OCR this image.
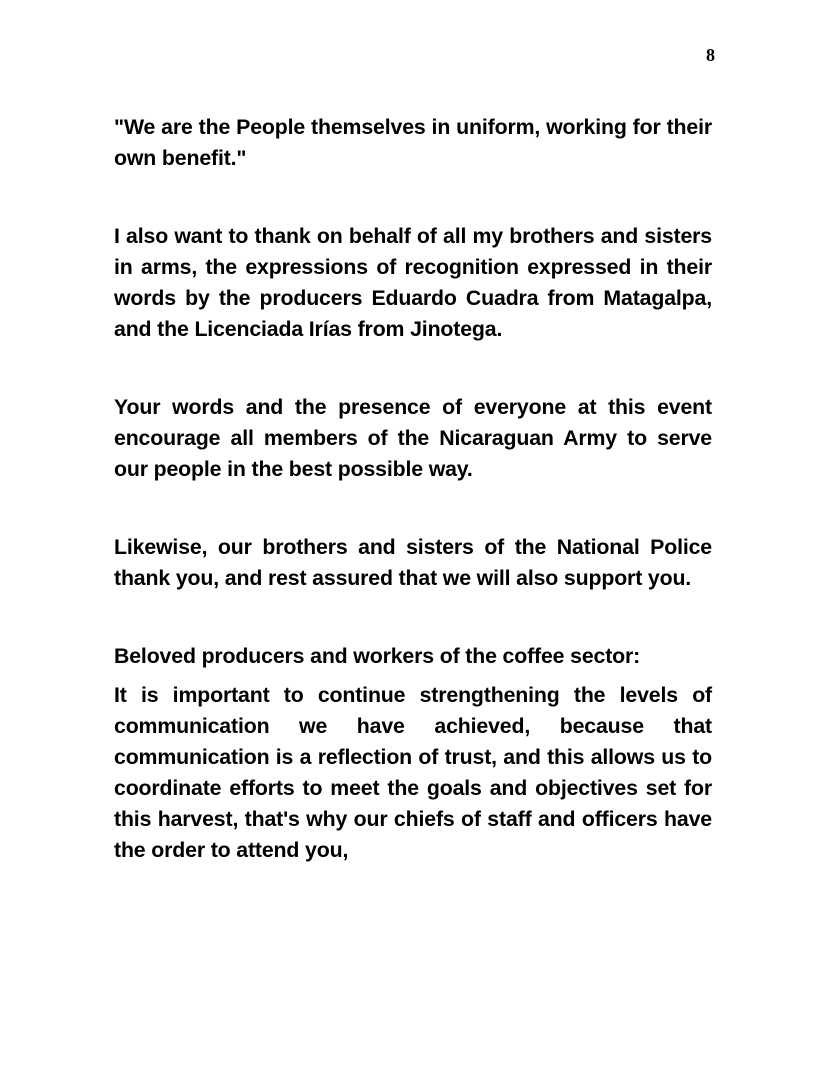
8

"We are the People themselves in uniform, working for their own benefit."

I also want to thank on behalf of all my brothers and sisters in arms, the expressions of recognition expressed in their words by the producers Eduardo Cuadra from Matagalpa, and the Licenciada Irías from Jinotega.

Your words and the presence of everyone at this event encourage all members of the Nicaraguan Army to serve our people in the best possible way.

Likewise, our brothers and sisters of the National Police thank you, and rest assured that we will also support you.

Beloved producers and workers of the coffee sector:

It is important to continue strengthening the levels of communication we have achieved, because that communication is a reflection of trust, and this allows us to coordinate efforts to meet the goals and objectives set for this harvest, that's why our chiefs of staff and officers have the order to attend you,
